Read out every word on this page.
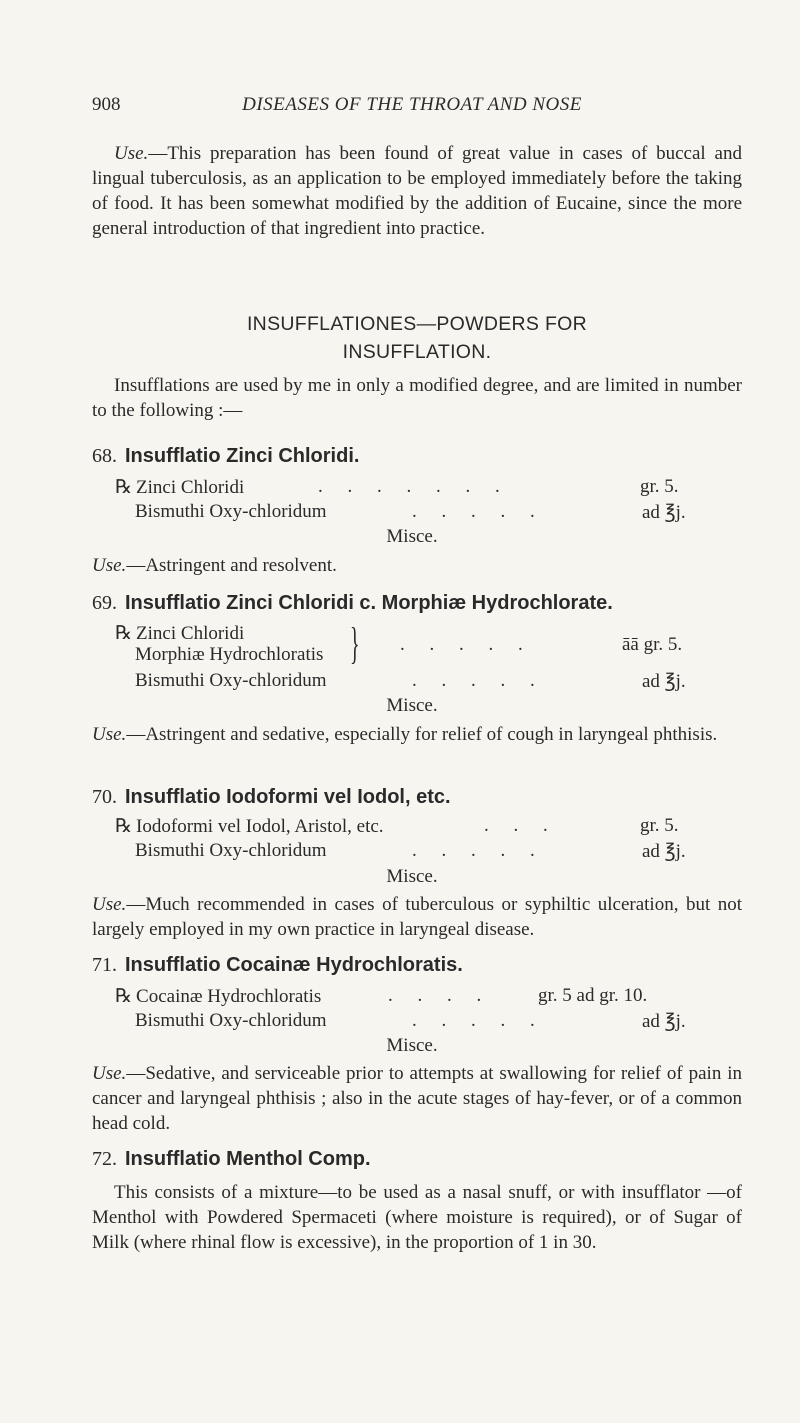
908	DISEASES OF THE THROAT AND NOSE
Use.—This preparation has been found of great value in cases of buccal and lingual tuberculosis, as an application to be employed immediately before the taking of food. It has been somewhat modified by the addition of Eucaine, since the more general introduction of that ingredient into practice.
INSUFFLATIONES—POWDERS FOR
INSUFFLATION.
Insufflations are used by me in only a modified degree, and are limited in number to the following :—
68. Insufflatio Zinci Chloridi.
℞ Zinci Chloridi	. . . . . . .	gr. 5.
Bismuthi Oxy-chloridum	. . . . .	ad ℥j.
Misce.
Use.—Astringent and resolvent.
69. Insufflatio Zinci Chloridi c. Morphiæ Hydrochlorate.
℞ Zinci Chloridi
Morphiæ Hydrochloratis } . . . . .	āā gr. 5.
Bismuthi Oxy-chloridum	. . . . .	ad ℥j.
Misce.
Use.—Astringent and sedative, especially for relief of cough in laryngeal phthisis.
70. Insufflatio Iodoformi vel Iodol, etc.
℞ Iodoformi vel Iodol, Aristol, etc.	. . .	gr. 5.
Bismuthi Oxy-chloridum	. . . . .	ad ℥j.
Misce.
Use.—Much recommended in cases of tuberculous or syphiltic ulceration, but not largely employed in my own practice in laryngeal disease.
71. Insufflatio Cocainæ Hydrochloratis.
℞ Cocainæ Hydrochloratis	. . . . gr. 5 ad gr. 10.
Bismuthi Oxy-chloridum	. . . . .	ad ℥j.
Misce.
Use.—Sedative, and serviceable prior to attempts at swallowing for relief of pain in cancer and laryngeal phthisis ; also in the acute stages of hay-fever, or of a common head cold.
72. Insufflatio Menthol Comp.
This consists of a mixture—to be used as a nasal snuff, or with insufflator —of Menthol with Powdered Spermaceti (where moisture is required), or of Sugar of Milk (where rhinal flow is excessive), in the proportion of 1 in 30.
